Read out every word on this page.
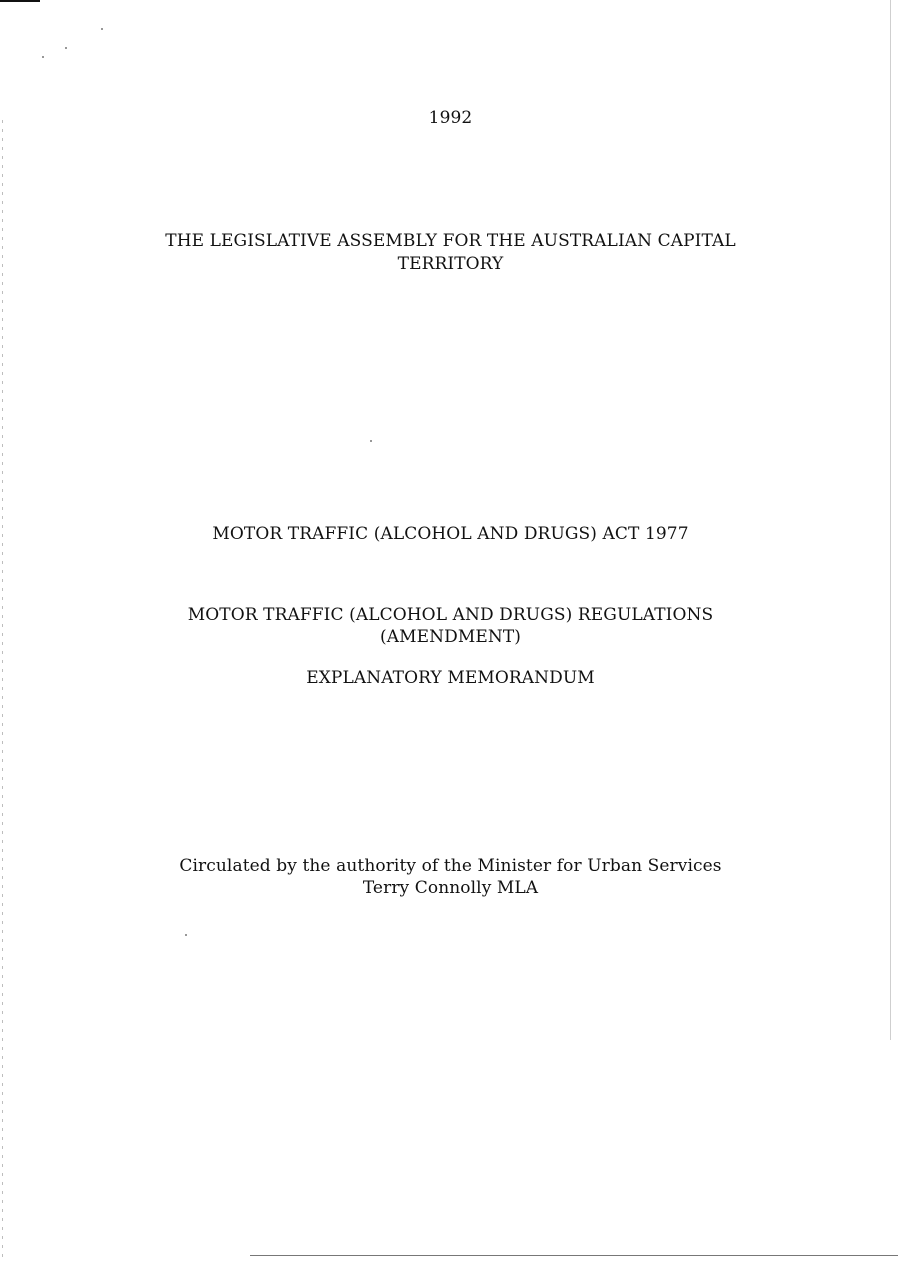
1992
THE LEGISLATIVE ASSEMBLY FOR THE AUSTRALIAN CAPITAL
TERRITORY
MOTOR TRAFFIC (ALCOHOL AND DRUGS) ACT 1977
MOTOR TRAFFIC (ALCOHOL AND DRUGS) REGULATIONS
(AMENDMENT)
EXPLANATORY MEMORANDUM
Circulated by the authority of the Minister for Urban Services
Terry Connolly MLA
